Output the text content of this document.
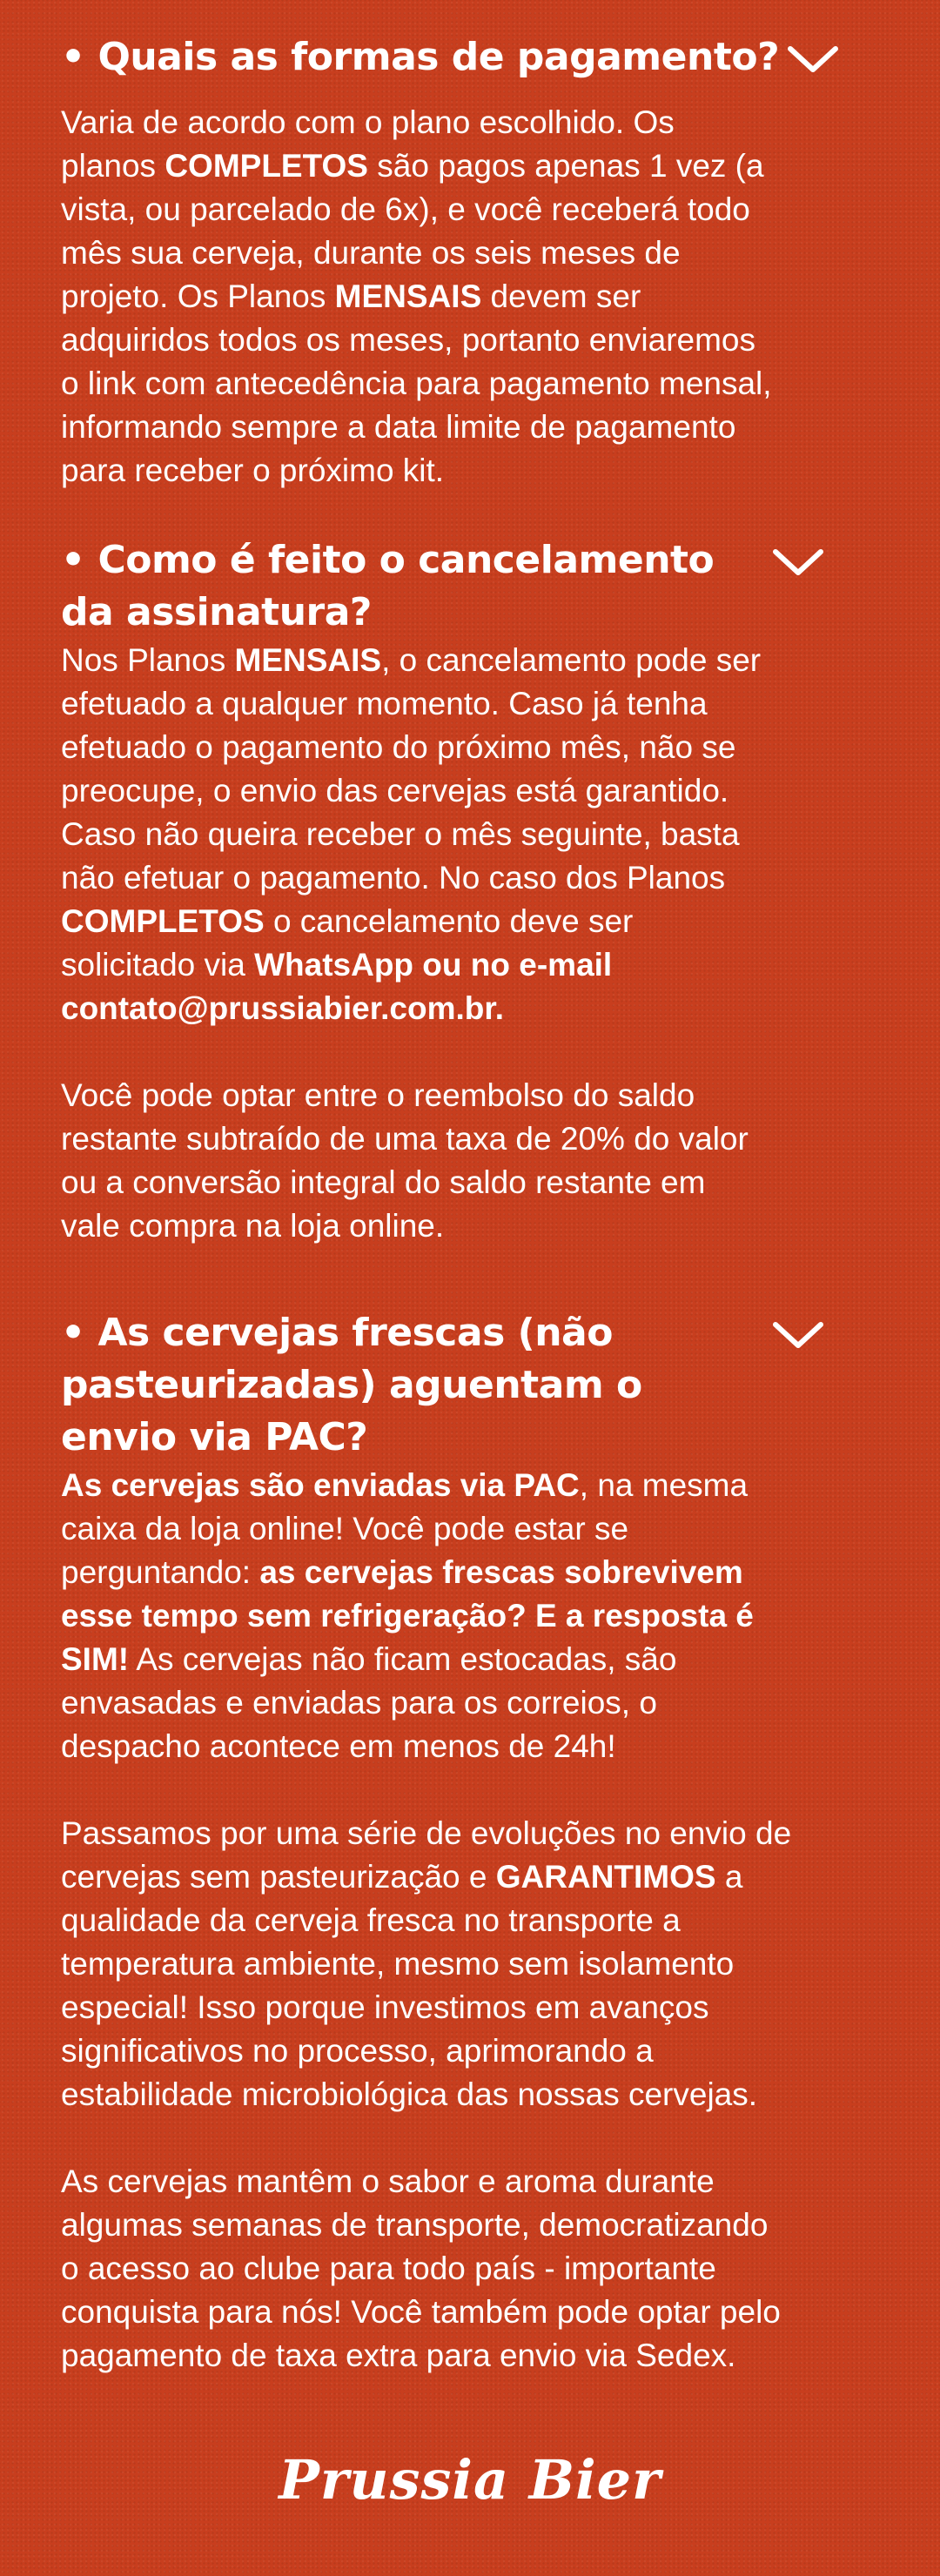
• Quais as formas de pagamento?

Varia de acordo com o plano escolhido. Os
planos COMPLETOS são pagos apenas 1 vez (a
vista, ou parcelado de 6x), e você receberá todo
mês sua cerveja, durante os seis meses de
projeto. Os Planos MENSAIS devem ser
adquiridos todos os meses, portanto enviaremos
o link com antecedência para pagamento mensal,
informando sempre a data limite de pagamento
para receber o próximo kit.

• Como é feito o cancelamento
da assinatura?

Nos Planos MENSAIS, o cancelamento pode ser
efetuado a qualquer momento. Caso já tenha
efetuado o pagamento do próximo mês, não se
preocupe, o envio das cervejas está garantido.
Caso não queira receber o mês seguinte, basta
não efetuar o pagamento. No caso dos Planos
COMPLETOS o cancelamento deve ser
solicitado via WhatsApp ou no e-mail
contato@prussiabier.com.br.

Você pode optar entre o reembolso do saldo
restante subtraído de uma taxa de 20% do valor
ou a conversão integral do saldo restante em
vale compra na loja online.

• As cervejas frescas (não
pasteurizadas) aguentam o
envio via PAC?

As cervejas são enviadas via PAC, na mesma
caixa da loja online! Você pode estar se
perguntando: as cervejas frescas sobrevivem
esse tempo sem refrigeração? E a resposta é
SIM! As cervejas não ficam estocadas, são
envasadas e enviadas para os correios, o
despacho acontece em menos de 24h!

Passamos por uma série de evoluções no envio de
cervejas sem pasteurização e GARANTIMOS a
qualidade da cerveja fresca no transporte a
temperatura ambiente, mesmo sem isolamento
especial! Isso porque investimos em avanços
significativos no processo, aprimorando a
estabilidade microbiológica das nossas cervejas.

As cervejas mantêm o sabor e aroma durante
algumas semanas de transporte, democratizando
o acesso ao clube para todo país - importante
conquista para nós! Você também pode optar pelo
pagamento de taxa extra para envio via Sedex.

Prussia Bier
